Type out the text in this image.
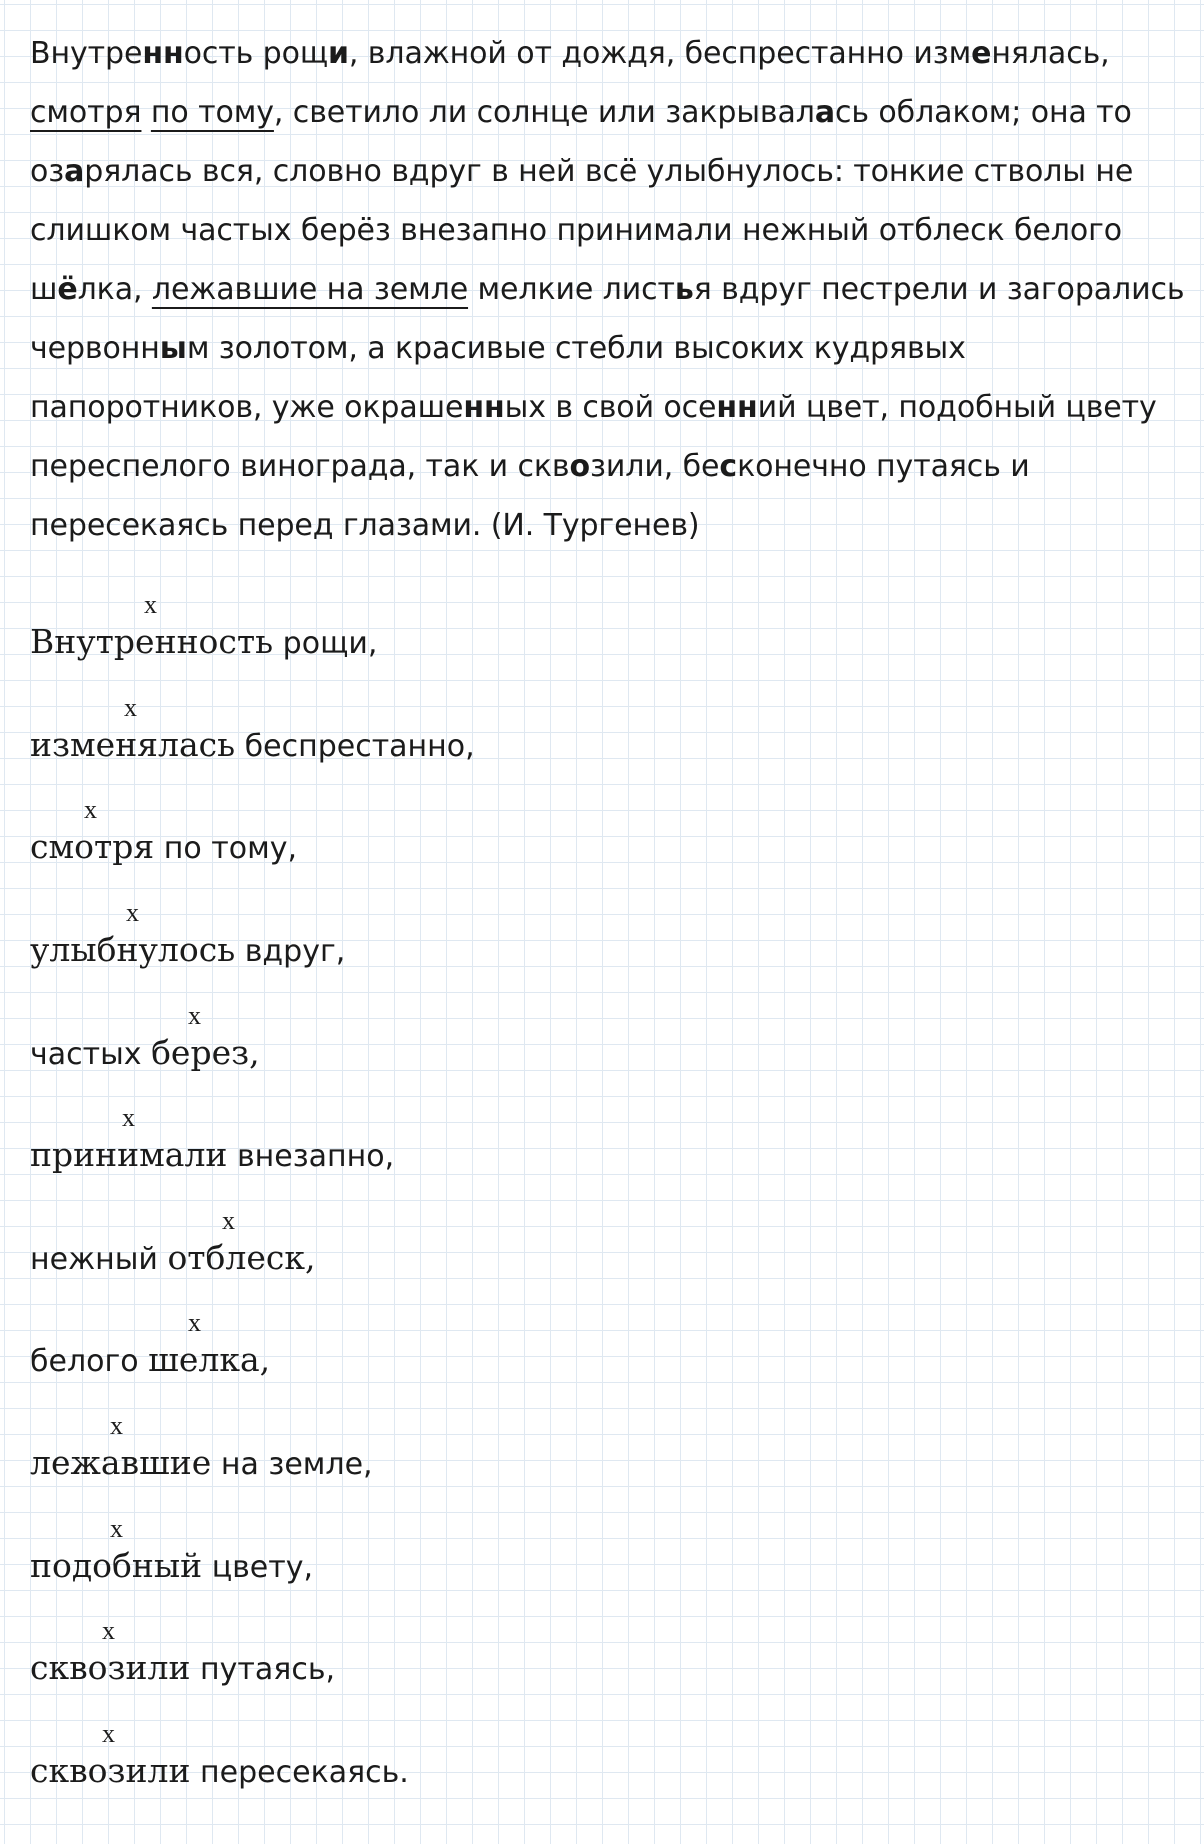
Внутренность рощи, влажной от дождя, беспрестанно изменялась, смотря по тому, светило ли солнце или закрывалась облаком; она то озарялась вся, словно вдруг в ней всё улыбнулось: тонкие стволы не слишком частых берёз внезапно принимали нежный отблеск белого шёлка, лежавшие на земле мелкие листья вдруг пестрели и загорались червонным золотом, а красивые стебли высоких кудрявых папоротников, уже окрашенных в свой осенний цвет, подобный цвету переспелого винограда, так и сквозили, бесконечно путаясь и пересекаясь перед глазами. (И. Тургенев)

x
Внутренность рощи,
x
изменялась беспрестанно,
x
смотря по тому,
x
улыбнулось вдруг,
x
частых берез,
x
принимали внезапно,
x
нежный отблеск,
x
белого шелка,
x
лежавшие на земле,
x
подобный цвету,
x
сквозили путаясь,
x
сквозили пересекаясь.
